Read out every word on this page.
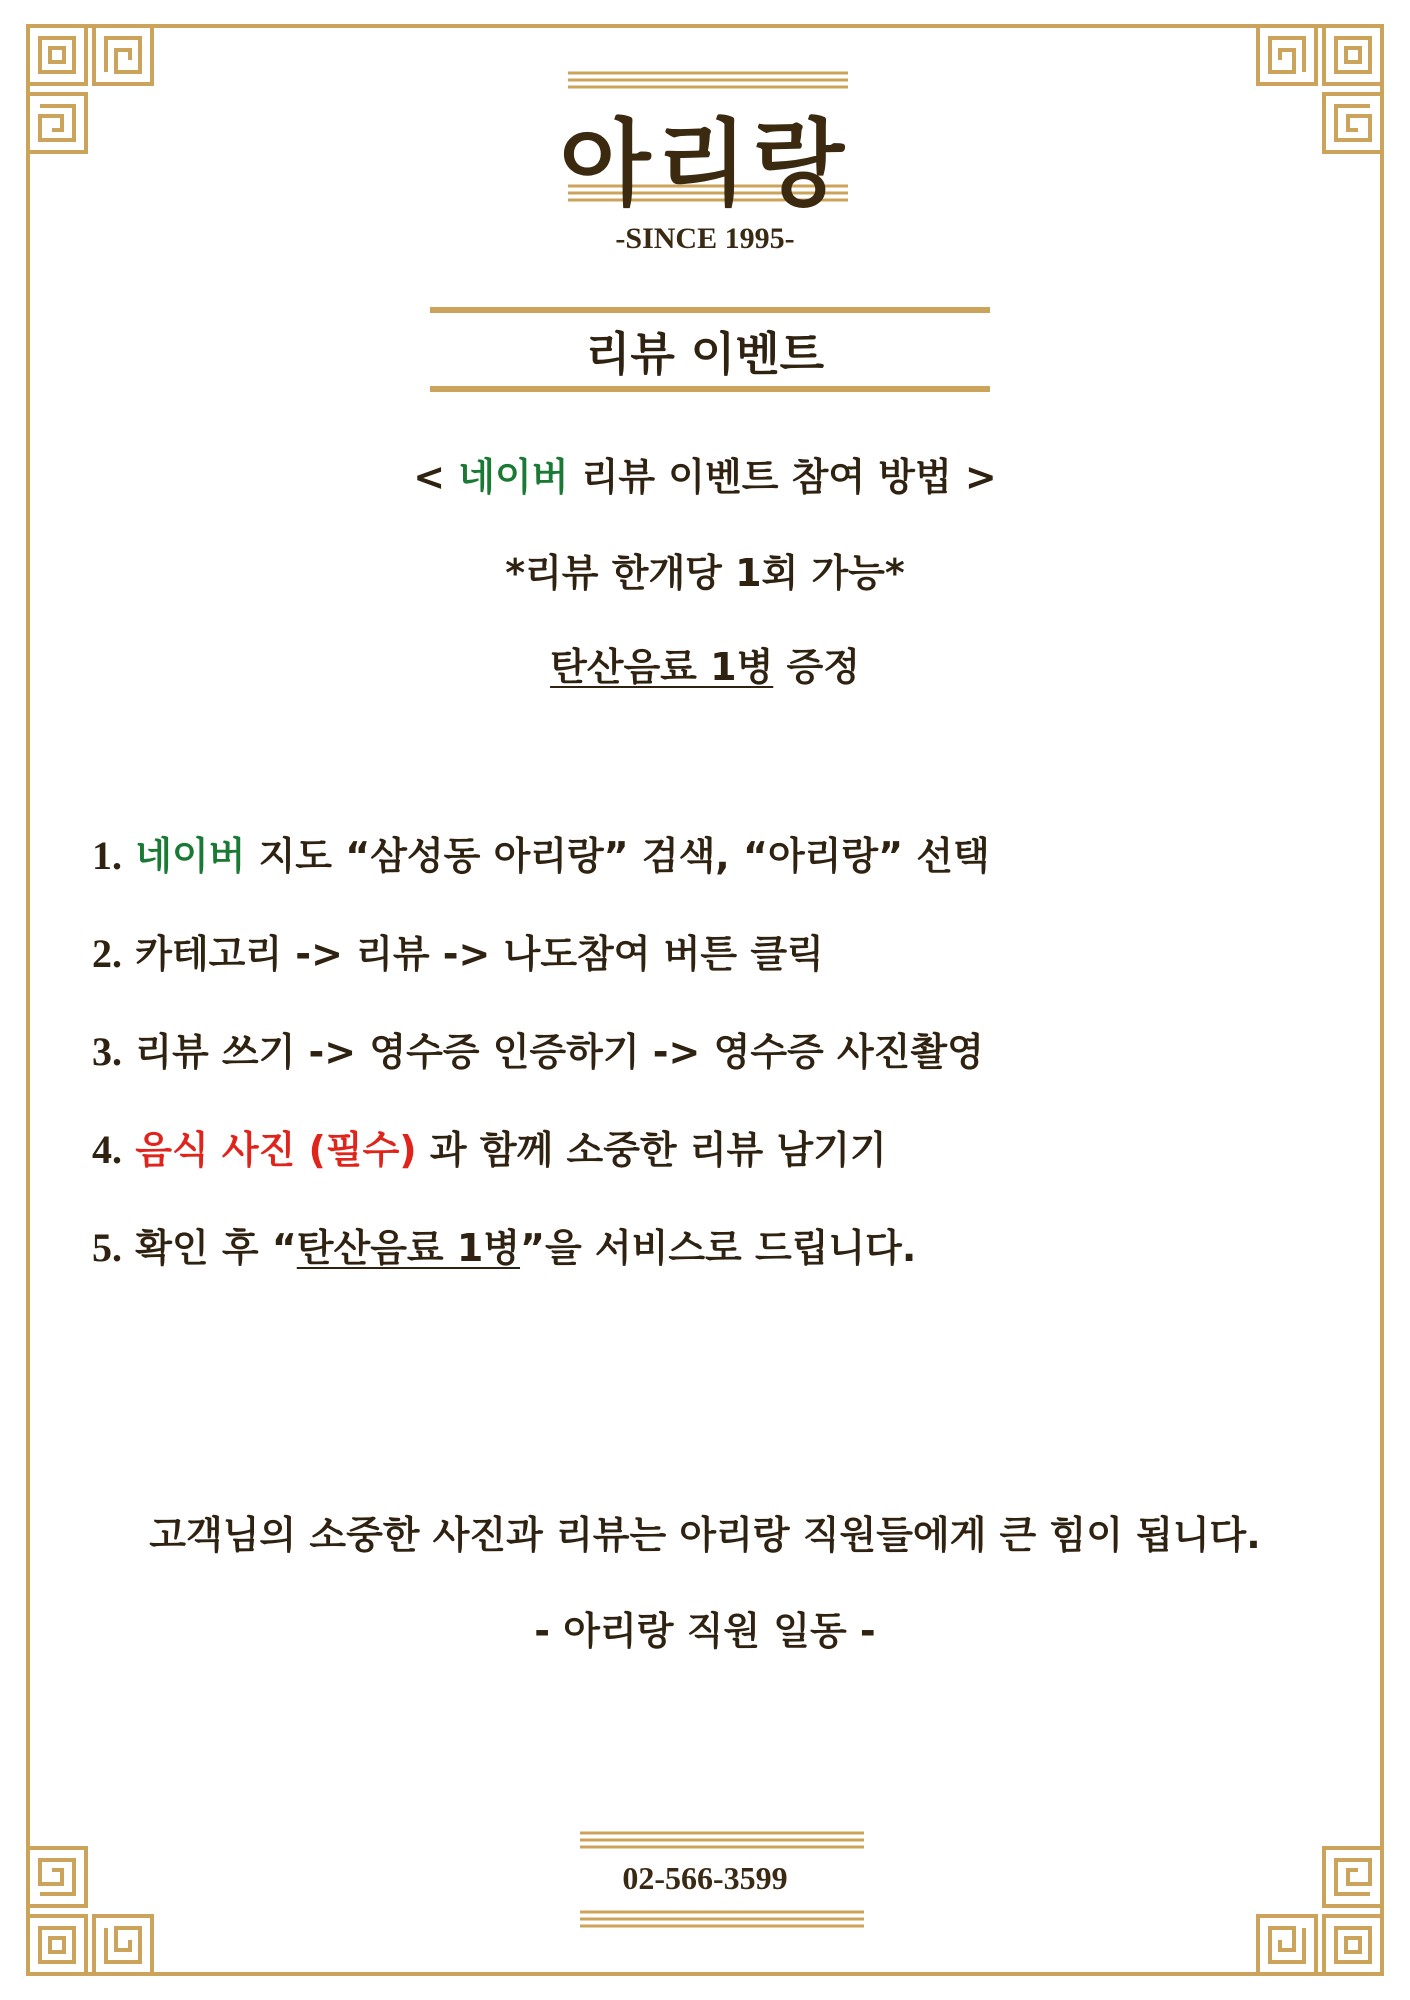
아리랑
-SINCE 1995-
리뷰 이벤트
< 네이버 리뷰 이벤트 참여 방법 >
*리뷰 한개당 1회 가능*
탄산음료 1병 증정
1. 네이버 지도 “삼성동 아리랑” 검색, “아리랑” 선택
2. 카테고리 -> 리뷰 -> 나도참여 버튼 클릭
3. 리뷰 쓰기 -> 영수증 인증하기 -> 영수증 사진촬영
4. 음식 사진 (필수) 과 함께 소중한 리뷰 남기기
5. 확인 후 “탄산음료 1병”을 서비스로 드립니다.
고객님의 소중한 사진과 리뷰는 아리랑 직원들에게 큰 힘이 됩니다.
- 아리랑 직원 일동 -
02-566-3599
